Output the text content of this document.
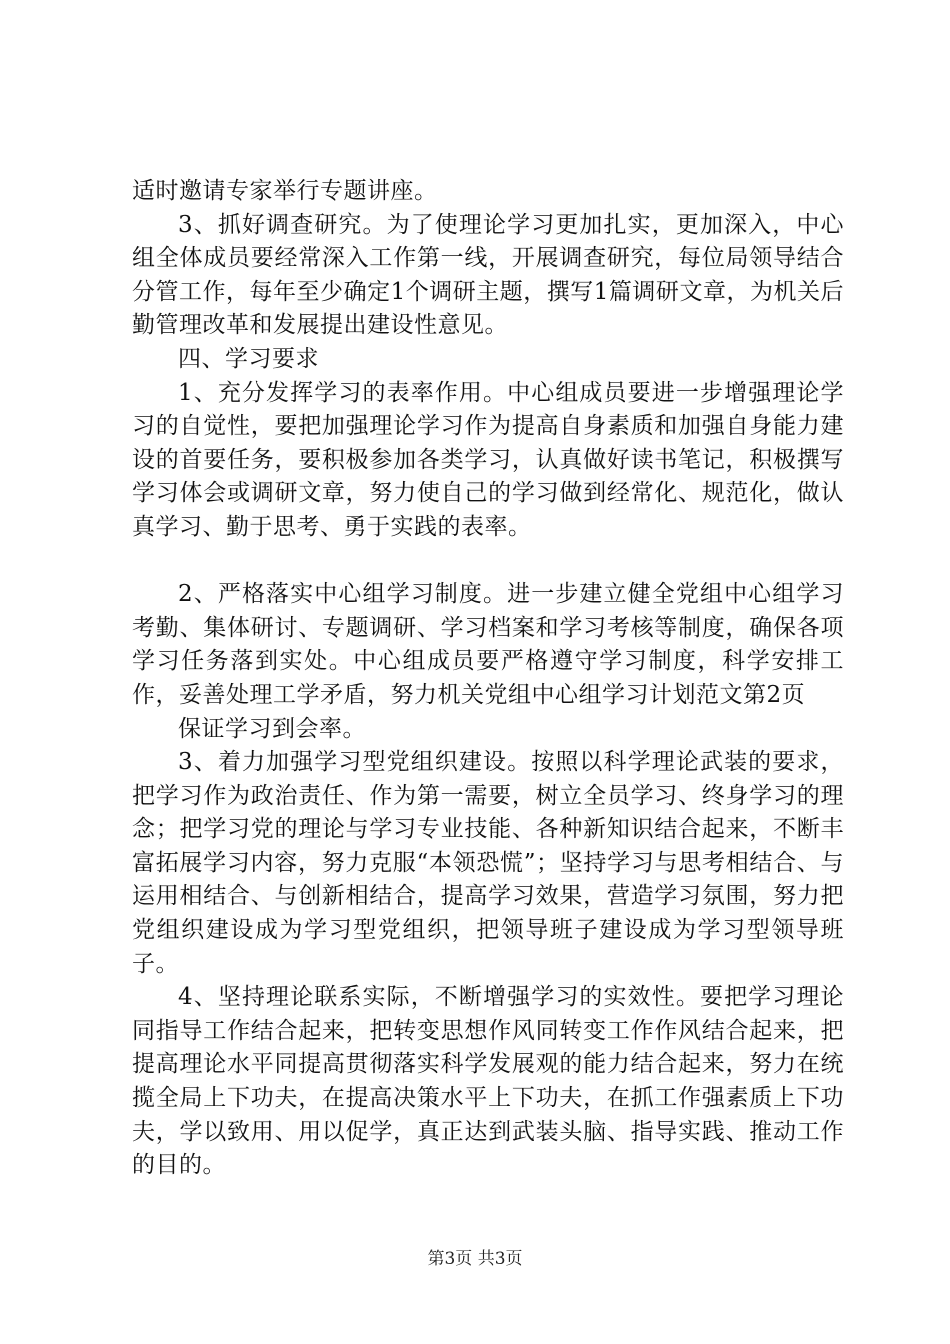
适时邀请专家举行专题讲座。

3、抓好调查研究。为了使理论学习更加扎实，更加深入，中心组全体成员要经常深入工作第一线，开展调查研究，每位局领导结合分管工作，每年至少确定1个调研主题，撰写1篇调研文章，为机关后勤管理改革和发展提出建设性意见。

四、学习要求

1、充分发挥学习的表率作用。中心组成员要进一步增强理论学习的自觉性，要把加强理论学习作为提高自身素质和加强自身能力建设的首要任务，要积极参加各类学习，认真做好读书笔记，积极撰写学习体会或调研文章，努力使自己的学习做到经常化、规范化，做认真学习、勤于思考、勇于实践的表率。

2、严格落实中心组学习制度。进一步建立健全党组中心组学习考勤、集体研讨、专题调研、学习档案和学习考核等制度，确保各项学习任务落到实处。中心组成员要严格遵守学习制度，科学安排工作，妥善处理工学矛盾，努力机关党组中心组学习计划范文第2页

保证学习到会率。

3、着力加强学习型党组织建设。按照以科学理论武装的要求，把学习作为政治责任、作为第一需要，树立全员学习、终身学习的理念；把学习党的理论与学习专业技能、各种新知识结合起来，不断丰富拓展学习内容，努力克服“本领恐慌”；坚持学习与思考相结合、与运用相结合、与创新相结合，提高学习效果，营造学习氛围，努力把党组织建设成为学习型党组织，把领导班子建设成为学习型领导班子。

4、坚持理论联系实际，不断增强学习的实效性。要把学习理论同指导工作结合起来，把转变思想作风同转变工作作风结合起来，把提高理论水平同提高贯彻落实科学发展观的能力结合起来，努力在统揽全局上下功夫，在提高决策水平上下功夫，在抓工作强素质上下功夫，学以致用、用以促学，真正达到武装头脑、指导实践、推动工作的目的。

第3页 共3页
